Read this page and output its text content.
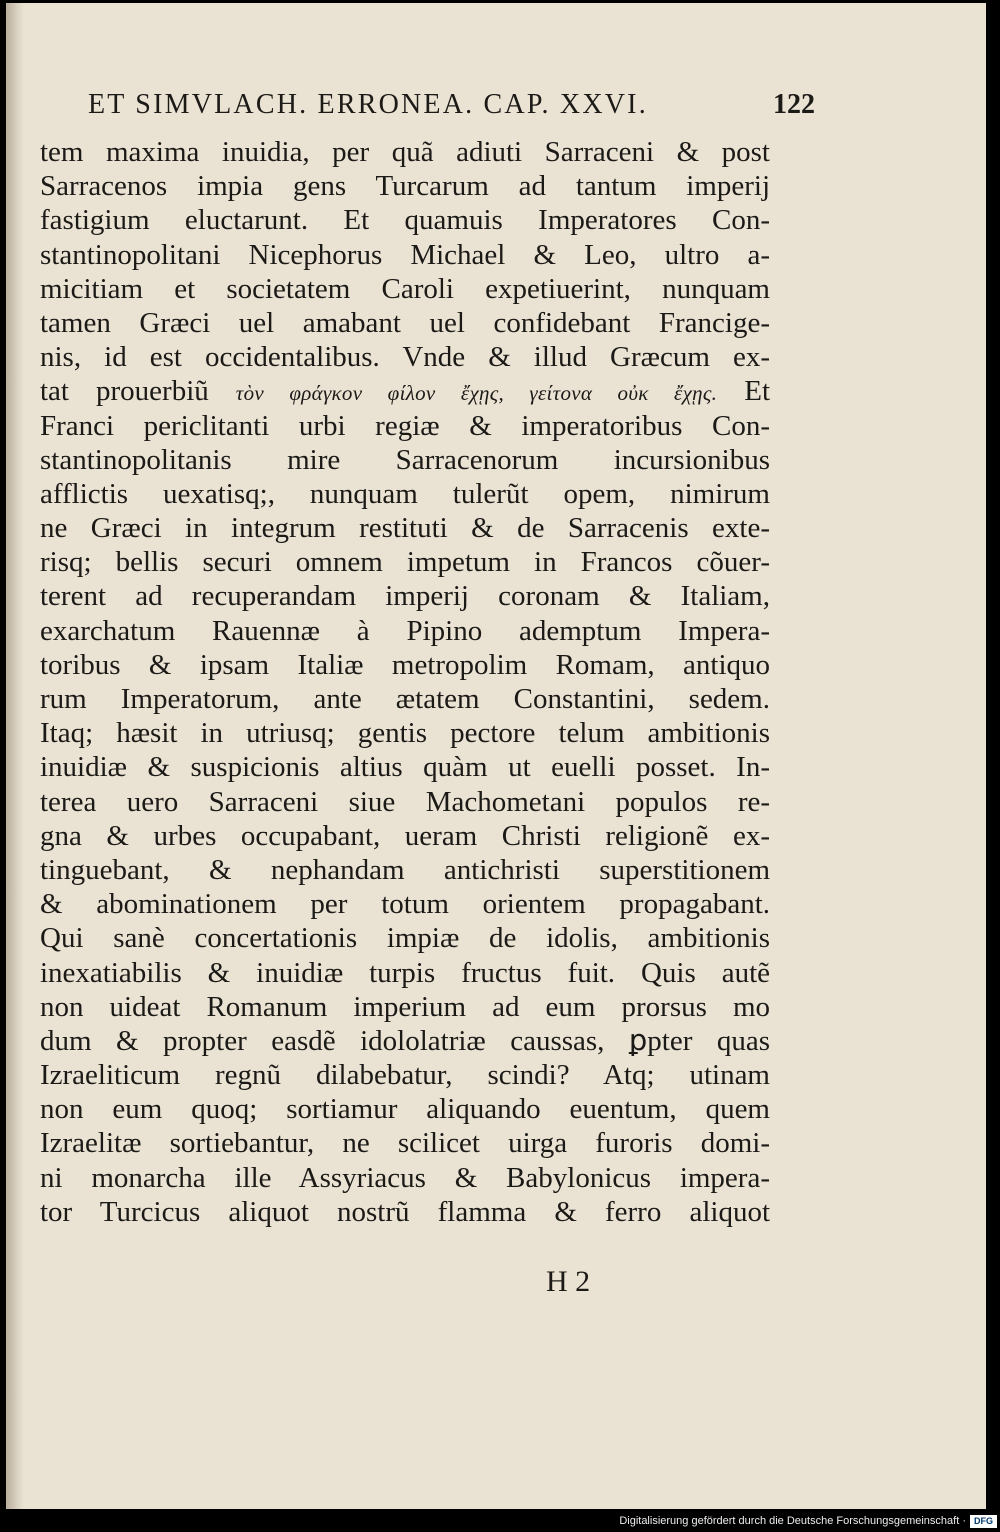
ET SIMVLACH. ERRONEA. CAP. XXVI.	122
tem maxima inuidia, per quã adiuti Sarraceni & post
Sarracenos impia gens Turcarum ad tantum imperij
fastigium eluctarunt. Et quamuis Imperatores Con-
stantinopolitani Nicephorus Michael & Leo, ultro a-
micitiam et societatem Caroli expetiuerint, nunquam
tamen Græci uel amabant uel confidebant Francige-
nis, id est occidentalibus. Vnde & illud Græcum ex-
tat prouerbiũ τὸν φράγκον φίλον ἔχῃς, γείτονα οὐκ ἔχῃς. Et
Franci periclitanti urbi regiæ & imperatoribus Con-
stantinopolitanis mire Sarracenorum incursionibus
afflictis uexatisq;, nunquam tulerũt opem, nimirum
ne Græci in integrum restituti & de Sarracenis exte-
risq; bellis securi omnem impetum in Francos cõuer-
terent ad recuperandam imperij coronam & Italiam,
exarchatum Rauennæ à Pipino ademptum Impera-
toribus & ipsam Italiæ metropolim Romam, antiquo
rum Imperatorum, ante ætatem Constantini, sedem.
Itaq; hæsit in utriusq; gentis pectore telum ambitionis
inuidiæ & suspicionis altius quàm ut euelli posset. In-
terea uero Sarraceni siue Machometani populos re-
gna & urbes occupabant, ueram Christi religionẽ ex-
tinguebant, & nephandam antichristi superstitionem
& abominationem per totum orientem propagabant.
Qui sanè concertationis impiæ de idolis, ambitionis
inexatiabilis & inuidiæ turpis fructus fuit. Quis autẽ
non uideat Romanum imperium ad eum prorsus mo
dum & propter easdẽ idololatriæ caussas, ꝑpter quas
Izraeliticum regnũ dilabebatur, scindi? Atq; utinam
non eum quoq; sortiamur aliquando euentum, quem
Izraelitæ sortiebantur, ne scilicet uirga furoris domi-
ni monarcha ille Assyriacus & Babylonicus impera-
tor Turcicus aliquot nostrũ flamma & ferro aliquot
H 2
Digitalisierung gefördert durch die Deutsche Forschungsgemeinschaft · DFG
